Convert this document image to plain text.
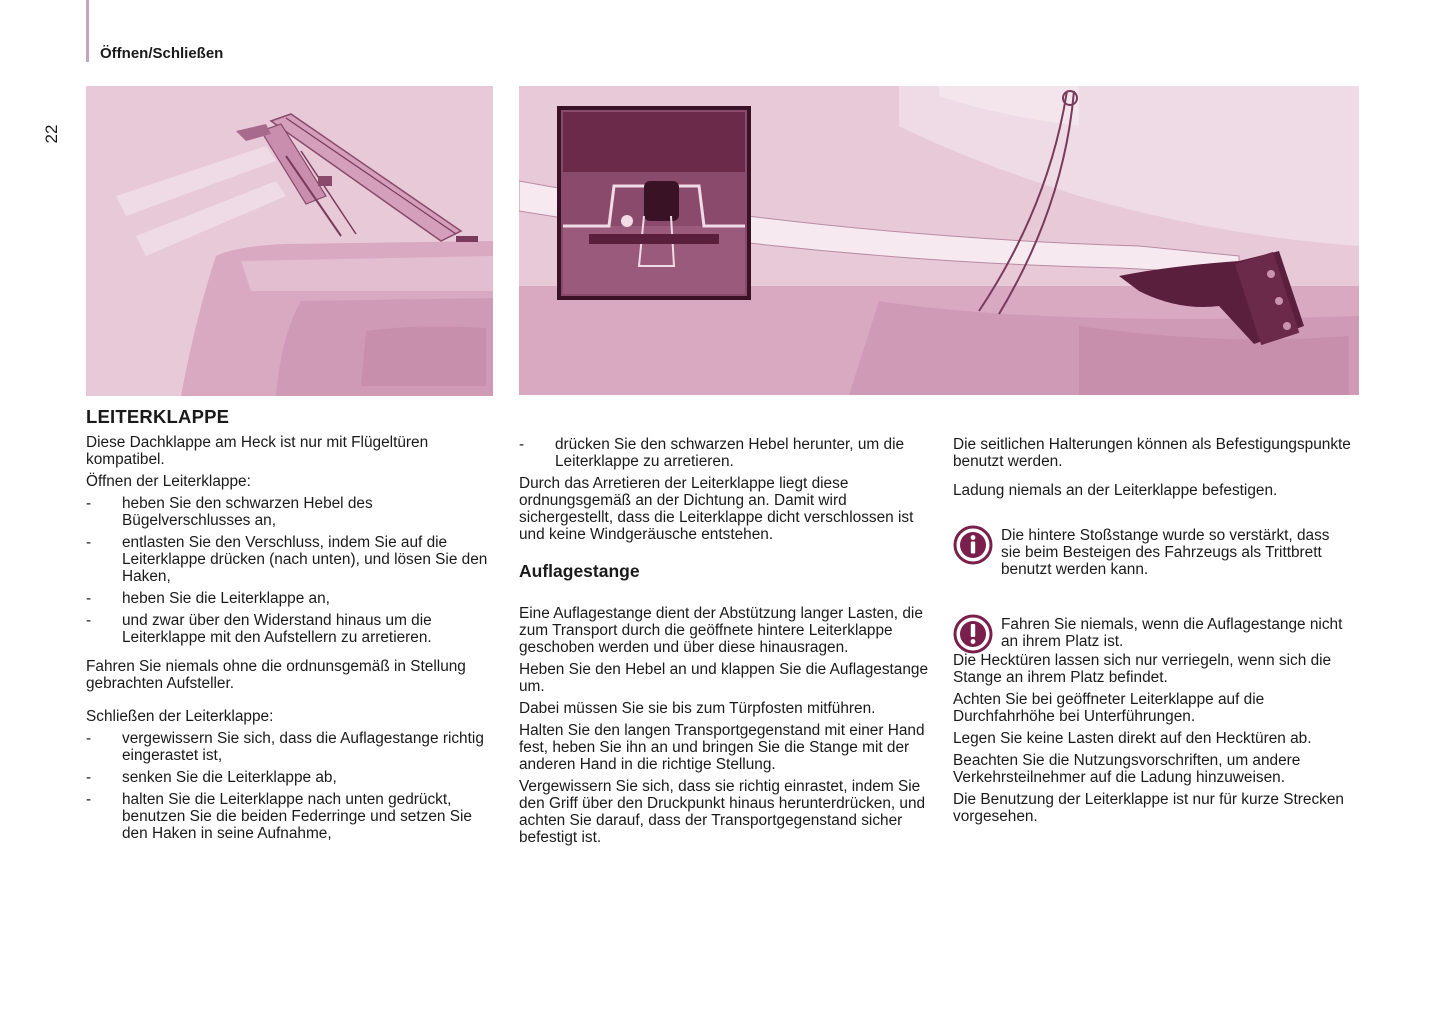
Öffnen/Schließen
22
LEITERKLAPPE

Diese Dachklappe am Heck ist nur mit Flügeltüren kompatibel.

Öffnen der Leiterklappe:

- heben Sie den schwarzen Hebel des Bügelverschlusses an,
- entlasten Sie den Verschluss, indem Sie auf die Leiterklappe drücken (nach unten), und lösen Sie den Haken,
- heben Sie die Leiterklappe an,
- und zwar über den Widerstand hinaus um die Leiterklappe mit den Aufstellern zu arretieren.

Fahren Sie niemals ohne die ordnunsgemäß in Stellung gebrachten Aufsteller.

Schließen der Leiterklappe:

- vergewissern Sie sich, dass die Auflagestange richtig eingerastet ist,
- senken Sie die Leiterklappe ab,
- halten Sie die Leiterklappe nach unten gedrückt, benutzen Sie die beiden Federringe und setzen Sie den Haken in seine Aufnahme,
- drücken Sie den schwarzen Hebel herunter, um die Leiterklappe zu arretieren.

Durch das Arretieren der Leiterklappe liegt diese ordnungsgemäß an der Dichtung an. Damit wird sichergestellt, dass die Leiterklappe dicht verschlossen ist und keine Windgeräusche entstehen.

Auflagestange

Eine Auflagestange dient der Abstützung langer Lasten, die zum Transport durch die geöffnete hintere Leiterklappe geschoben werden und über diese hinausragen.

Heben Sie den Hebel an und klappen Sie die Auflagestange um.

Dabei müssen Sie sie bis zum Türpfosten mitführen.

Halten Sie den langen Transportgegenstand mit einer Hand fest, heben Sie ihn an und bringen Sie die Stange mit der anderen Hand in die richtige Stellung.

Vergewissern Sie sich, dass sie richtig einrastet, indem Sie den Griff über den Druckpunkt hinaus herunterdrücken, und achten Sie darauf, dass der Transportgegenstand sicher befestigt ist.

Die seitlichen Halterungen können als Befestigungspunkte benutzt werden.

Ladung niemals an der Leiterklappe befestigen.

Die hintere Stoßstange wurde so verstärkt, dass sie beim Besteigen des Fahrzeugs als Trittbrett benutzt werden kann.

Fahren Sie niemals, wenn die Auflagestange nicht an ihrem Platz ist.

Die Hecktüren lassen sich nur verriegeln, wenn sich die Stange an ihrem Platz befindet.

Achten Sie bei geöffneter Leiterklappe auf die Durchfahrhöhe bei Unterführungen.

Legen Sie keine Lasten direkt auf den Hecktüren ab.

Beachten Sie die Nutzungsvorschriften, um andere Verkehrsteilnehmer auf die Ladung hinzuweisen.

Die Benutzung der Leiterklappe ist nur für kurze Strecken vorgesehen.
